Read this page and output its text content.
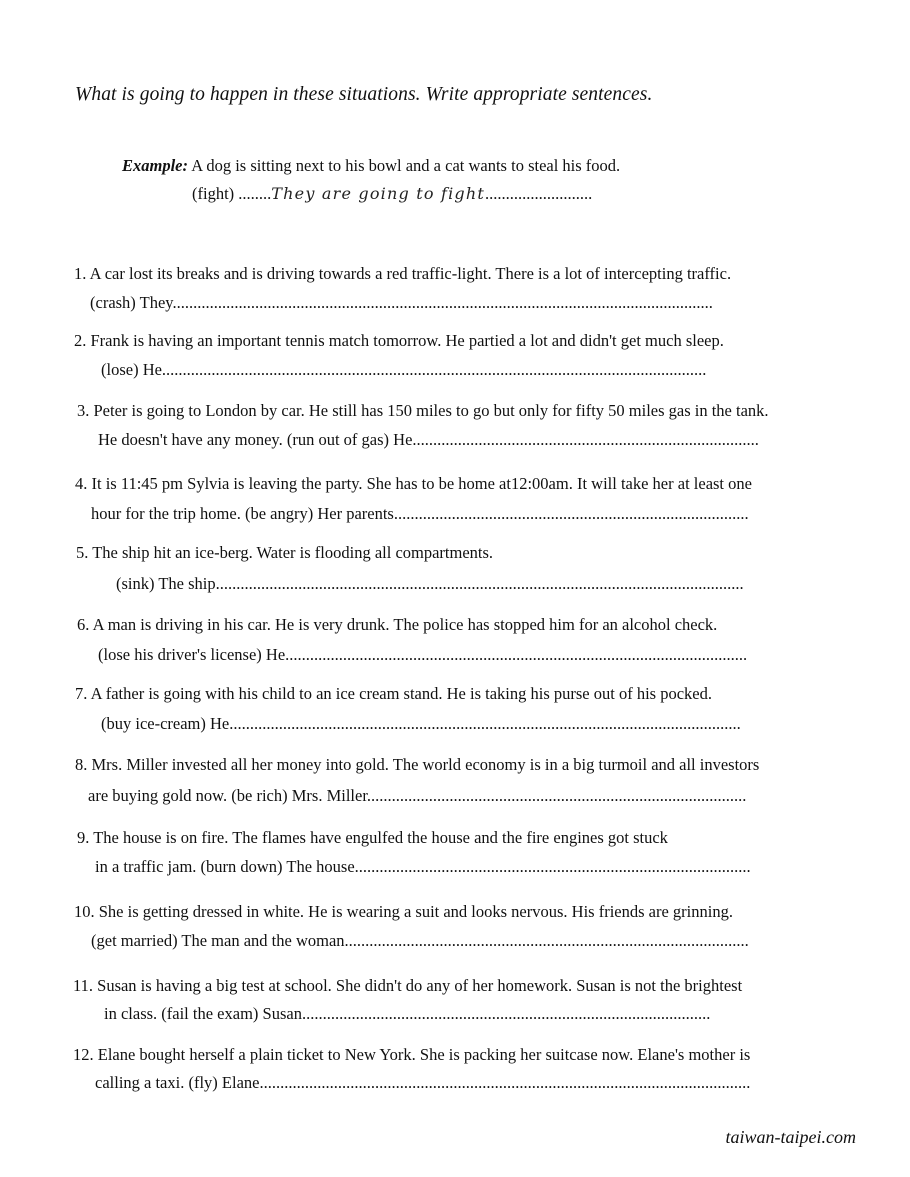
What is going to happen in these situations. Write appropriate sentences.
Example: A dog is sitting next to his bowl and a cat wants to steal his food.
(fight) ........They are going to fight..........................
1. A car lost its breaks and is driving towards a red traffic-light. There is a lot of intercepting traffic.
(crash) They...................................................................................................................................
2. Frank is having an important tennis match tomorrow. He partied a lot and didn't get much sleep.
(lose) He....................................................................................................................................
3. Peter is going to London by car. He still has 150 miles to go but only for fifty 50 miles gas in the tank.
He doesn't have any money. (run out of gas) He....................................................................................
4. It is 11:45 pm Sylvia is leaving the party. She has to be home at12:00am. It will take her at least one
hour for the trip home. (be angry) Her parents......................................................................................
5. The ship hit an ice-berg. Water is flooding all compartments.
(sink) The ship................................................................................................................................
6. A man is driving in his car. He is very drunk. The police has stopped him for an alcohol check.
(lose his driver's license) He................................................................................................................
7. A father is going with his child to an ice cream stand. He is taking his purse out of his pocked.
(buy ice-cream) He............................................................................................................................
8. Mrs. Miller invested all her money into gold. The world economy is in a big turmoil and all investors
are buying gold now. (be rich) Mrs. Miller............................................................................................
9. The house is on fire. The flames have engulfed the house and the fire engines got stuck
in a traffic jam. (burn down) The house................................................................................................
10. She is getting dressed in white. He is wearing a suit and looks nervous. His friends are grinning.
(get married) The man and the woman..................................................................................................
11. Susan is having a big test at school. She didn't do any of her homework. Susan is not the brightest
in class. (fail the exam) Susan...................................................................................................
12. Elane bought herself a plain ticket to New York. She is packing her suitcase now. Elane's mother is
calling a taxi. (fly) Elane.......................................................................................................................
taiwan-taipei.com
